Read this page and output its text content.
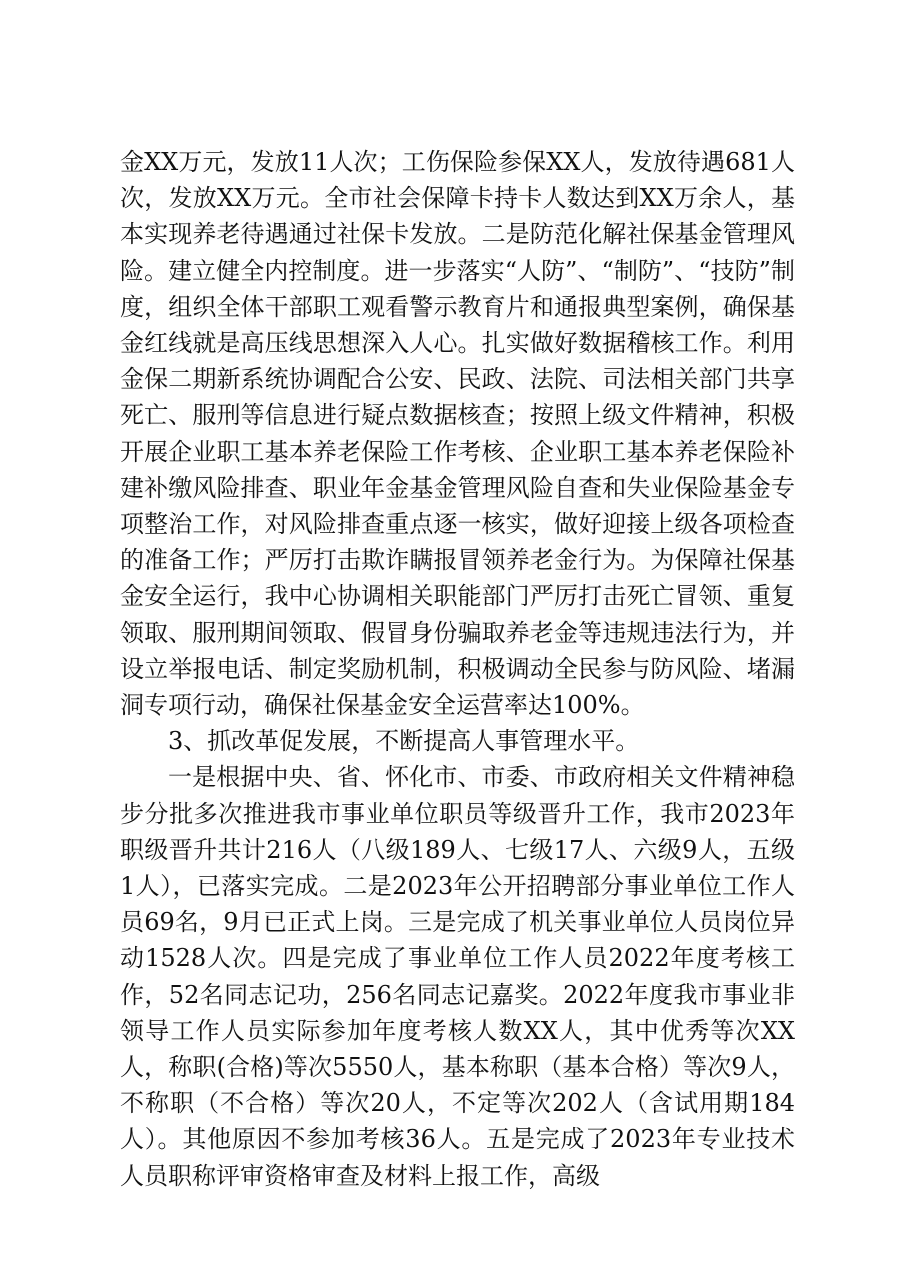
金XX万元，发放11人次；工伤保险参保XX人，发放待遇681人次，发放XX万元。全市社会保障卡持卡人数达到XX万余人，基本实现养老待遇通过社保卡发放。二是防范化解社保基金管理风险。建立健全内控制度。进一步落实“人防”、“制防”、“技防”制度，组织全体干部职工观看警示教育片和通报典型案例，确保基金红线就是高压线思想深入人心。扎实做好数据稽核工作。利用金保二期新系统协调配合公安、民政、法院、司法相关部门共享死亡、服刑等信息进行疑点数据核查；按照上级文件精神，积极开展企业职工基本养老保险工作考核、企业职工基本养老保险补建补缴风险排查、职业年金基金管理风险自查和失业保险基金专项整治工作，对风险排查重点逐一核实，做好迎接上级各项检查的准备工作；严厉打击欺诈瞒报冒领养老金行为。为保障社保基金安全运行，我中心协调相关职能部门严厉打击死亡冒领、重复领取、服刑期间领取、假冒身份骗取养老金等违规违法行为，并设立举报电话、制定奖励机制，积极调动全民参与防风险、堵漏洞专项行动，确保社保基金安全运营率达100%。

3、抓改革促发展，不断提高人事管理水平。

一是根据中央、省、怀化市、市委、市政府相关文件精神稳步分批多次推进我市事业单位职员等级晋升工作，我市2023年职级晋升共计216人（八级189人、七级17人、六级9人，五级1人），已落实完成。二是2023年公开招聘部分事业单位工作人员69名，9月已正式上岗。三是完成了机关事业单位人员岗位异动1528人次。四是完成了事业单位工作人员2022年度考核工作，52名同志记功，256名同志记嘉奖。2022年度我市事业非领导工作人员实际参加年度考核人数XX人，其中优秀等次XX人，称职(合格)等次5550人，基本称职（基本合格）等次9人，不称职（不合格）等次20人，不定等次202人（含试用期184人）。其他原因不参加考核36人。五是完成了2023年专业技术人员职称评审资格审查及材料上报工作，高级
